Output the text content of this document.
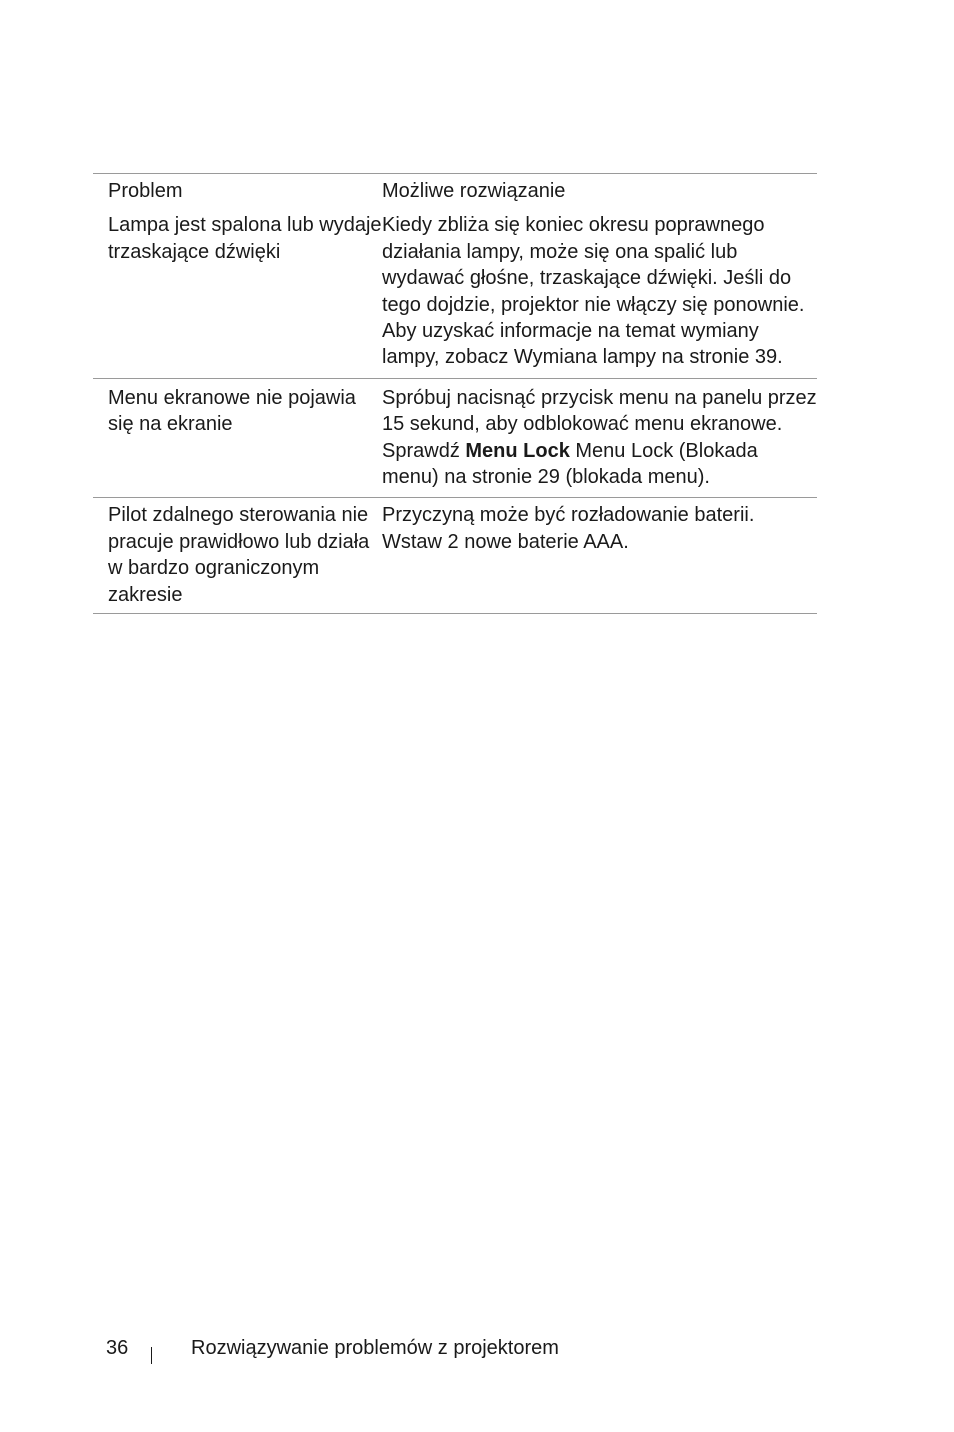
Problem	Możliwe rozwiązanie
Lampa jest spalona lub wydaje trzaskające dźwięki
Kiedy zbliża się koniec okresu poprawnego działania lampy, może się ona spalić lub wydawać głośne, trzaskające dźwięki. Jeśli do tego dojdzie, projektor nie włączy się ponownie. Aby uzyskać informacje na temat wymiany lampy, zobacz Wymiana lampy na stronie 39.
Menu ekranowe nie pojawia się na ekranie
Spróbuj nacisnąć przycisk menu na panelu przez 15 sekund, aby odblokować menu ekranowe. Sprawdź Menu Lock Menu Lock (Blokada menu) na stronie 29 (blokada menu).
Pilot zdalnego sterowania nie pracuje prawidłowo lub działa w bardzo ograniczonym zakresie
Przyczyną może być rozładowanie baterii. Wstaw 2 nowe baterie AAA.
36	Rozwiązywanie problemów z projektorem
